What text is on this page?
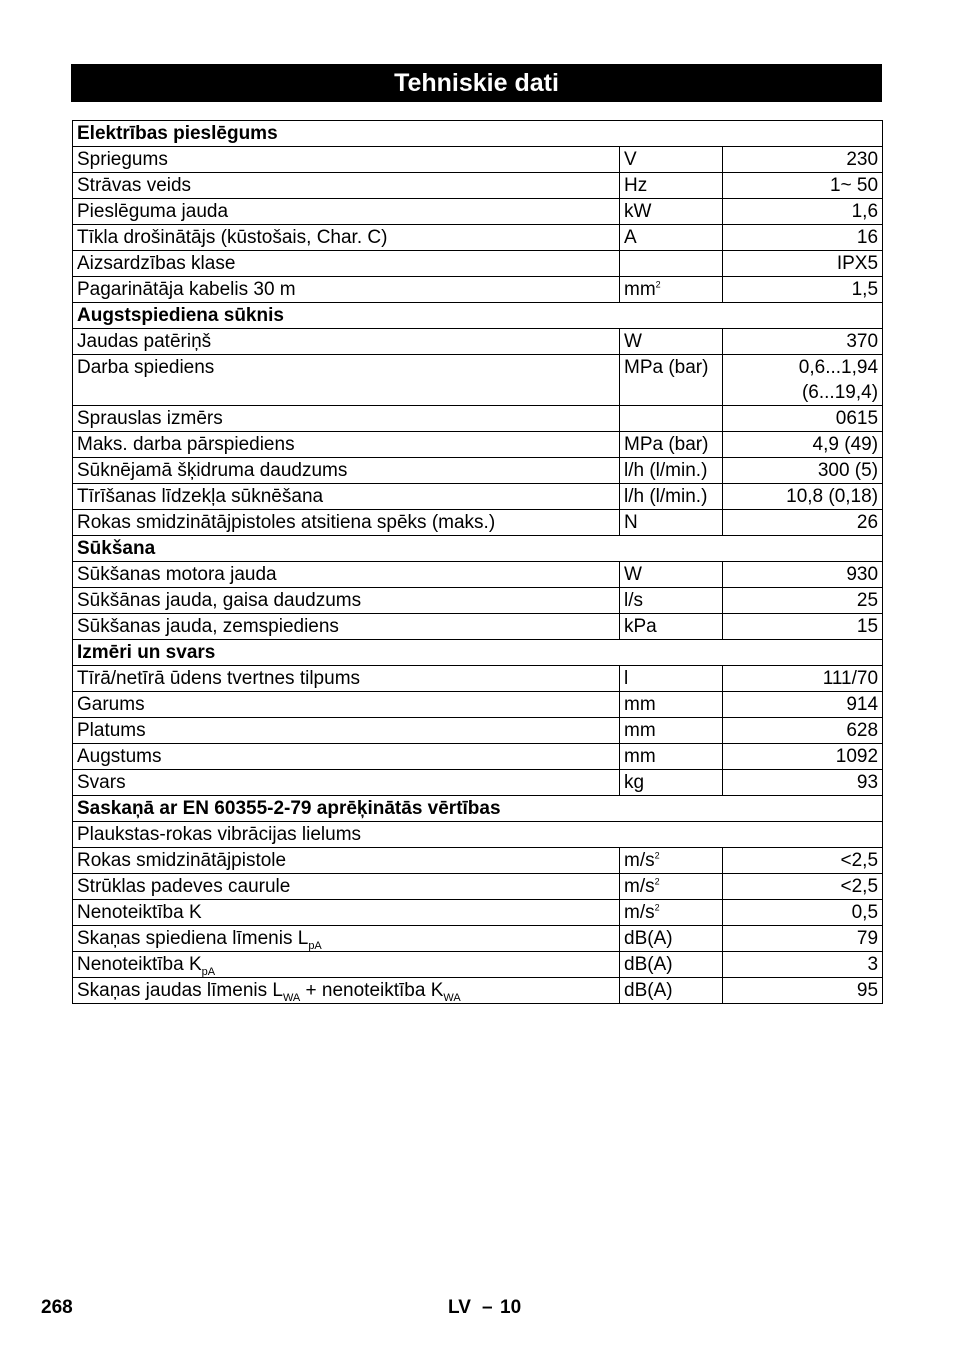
Tehniskie dati
Elektrības pieslēgums		
Spriegums	V	230
Strāvas veids	Hz	1~ 50
Pieslēguma jauda	kW	1,6
Tīkla drošinātājs (kūstošais, Char. C)	A	16
Aizsardzības klase		IPX5
Pagarinātāja kabelis 30 m	$mm^2$	1,5
Augstspiediena sūknis		
Jaudas patēriņš	W	370
Darba spiediens	MPa (bar)	0,6...1,94
(6...19,4)

Sprauslas izmērs		0615
Maks. darba pārspiediens	MPa (bar)	4,9 (49)
Sūknējamā šķidruma daudzums	l/h (l/min.)	300 (5)
Tīrīšanas līdzekļa sūknēšana	l/h (l/min.)	10,8 (0,18)
Rokas smidzinātājpistoles atsitiena spēks (maks.)	N	26
Sūkšana		
Sūkšanas motora jauda	W	930
Sūkšānas jauda, gaisa daudzums	l/s	25
Sūkšanas jauda, zemspiediens	kPa	15
Izmēri un svars		
Tīrā/netīrā ūdens tvertnes tilpums	l	111/70
Garums	mm	914
Platums	mm	628
Augstums	mm	1092
Svars	kg	93
Saskaņā ar EN 60355-2-79 aprēķinātās vērtības		
Plaukstas-rokas vibrācijas lielums		
Rokas smidzinātājpistole	$m/s^2$	<2,5
Strūklas padeves caurule	$m/s^2$	<2,5
Nenoteiktība K	$m/s^2$	0,5
Skaņas spiediena līmenis $L_{pA}$	dB(A)	79
Nenoteiktība $K_{pA}$	dB(A)	3
Skaņas jaudas līmenis $L_{WA}$ + nenoteiktība $K_{WA}$	dB(A)	95
268	LV – 10
